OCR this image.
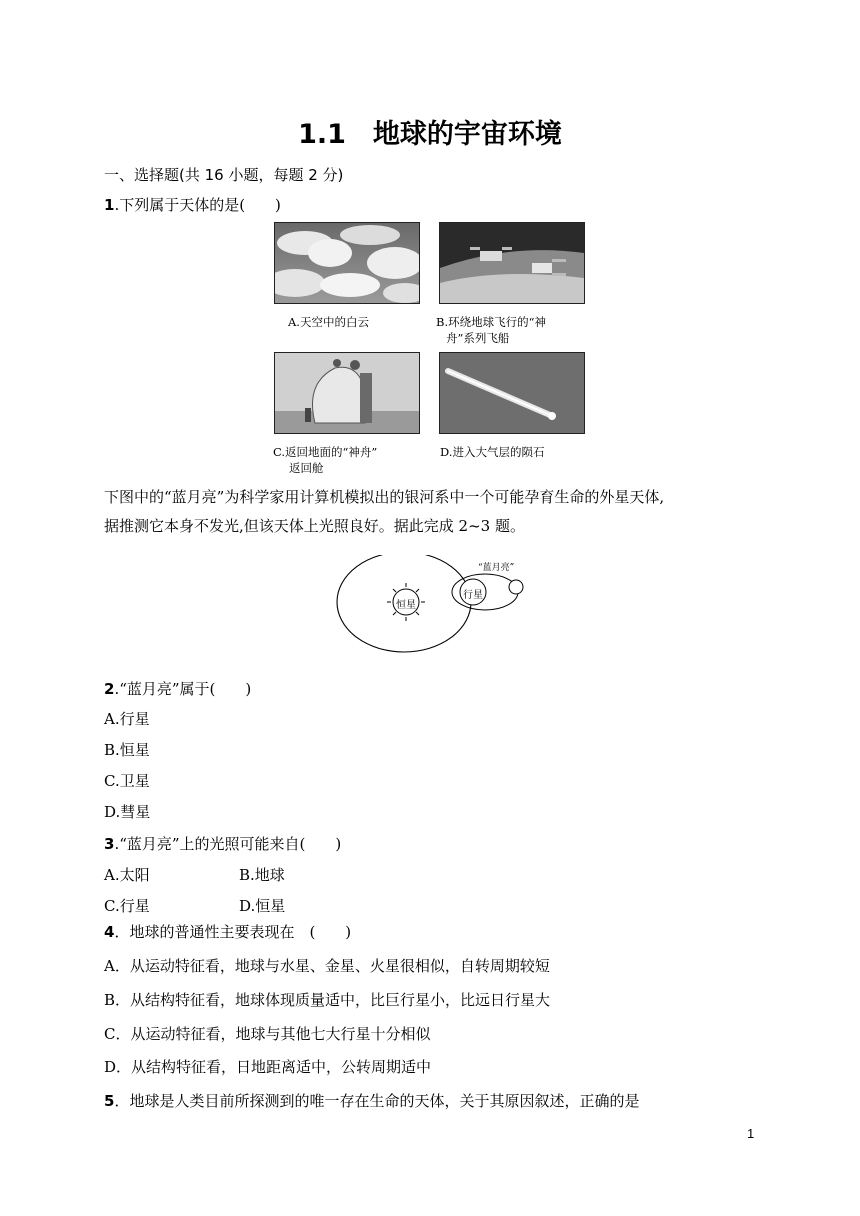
1.1　地球的宇宙环境
一、选择题(共 16 小题，每题 2 分)
1.下列属于天体的是(　　)
A.天空中的白云	B.环绕地球飞行的“神
舟”系列飞船
C.返回地面的“神舟”
返回舱
D.进入大气层的陨石
下图中的“蓝月亮”为科学家用计算机模拟出的银河系中一个可能孕育生命的外星天体,
据推测它本身不发光,但该天体上光照良好。据此完成 2~3 题。
“蓝月亮”
恒星
行星
2.“蓝月亮”属于(　　)
A.行星
B.恒星
C.卫星
D.彗星
3.“蓝月亮”上的光照可能来自(　　)
A.太阳	B.地球
C.行星	D.恒星
4．地球的普通性主要表现在　(　　)
A．从运动特征看，地球与水星、金星、火星很相似，自转周期较短
B．从结构特征看，地球体现质量适中，比巨行星小，比远日行星大
C．从运动特征看，地球与其他七大行星十分相似
D．从结构特征看，日地距离适中，公转周期适中
5．地球是人类目前所探测到的唯一存在生命的天体，关于其原因叙述，正确的是
1
